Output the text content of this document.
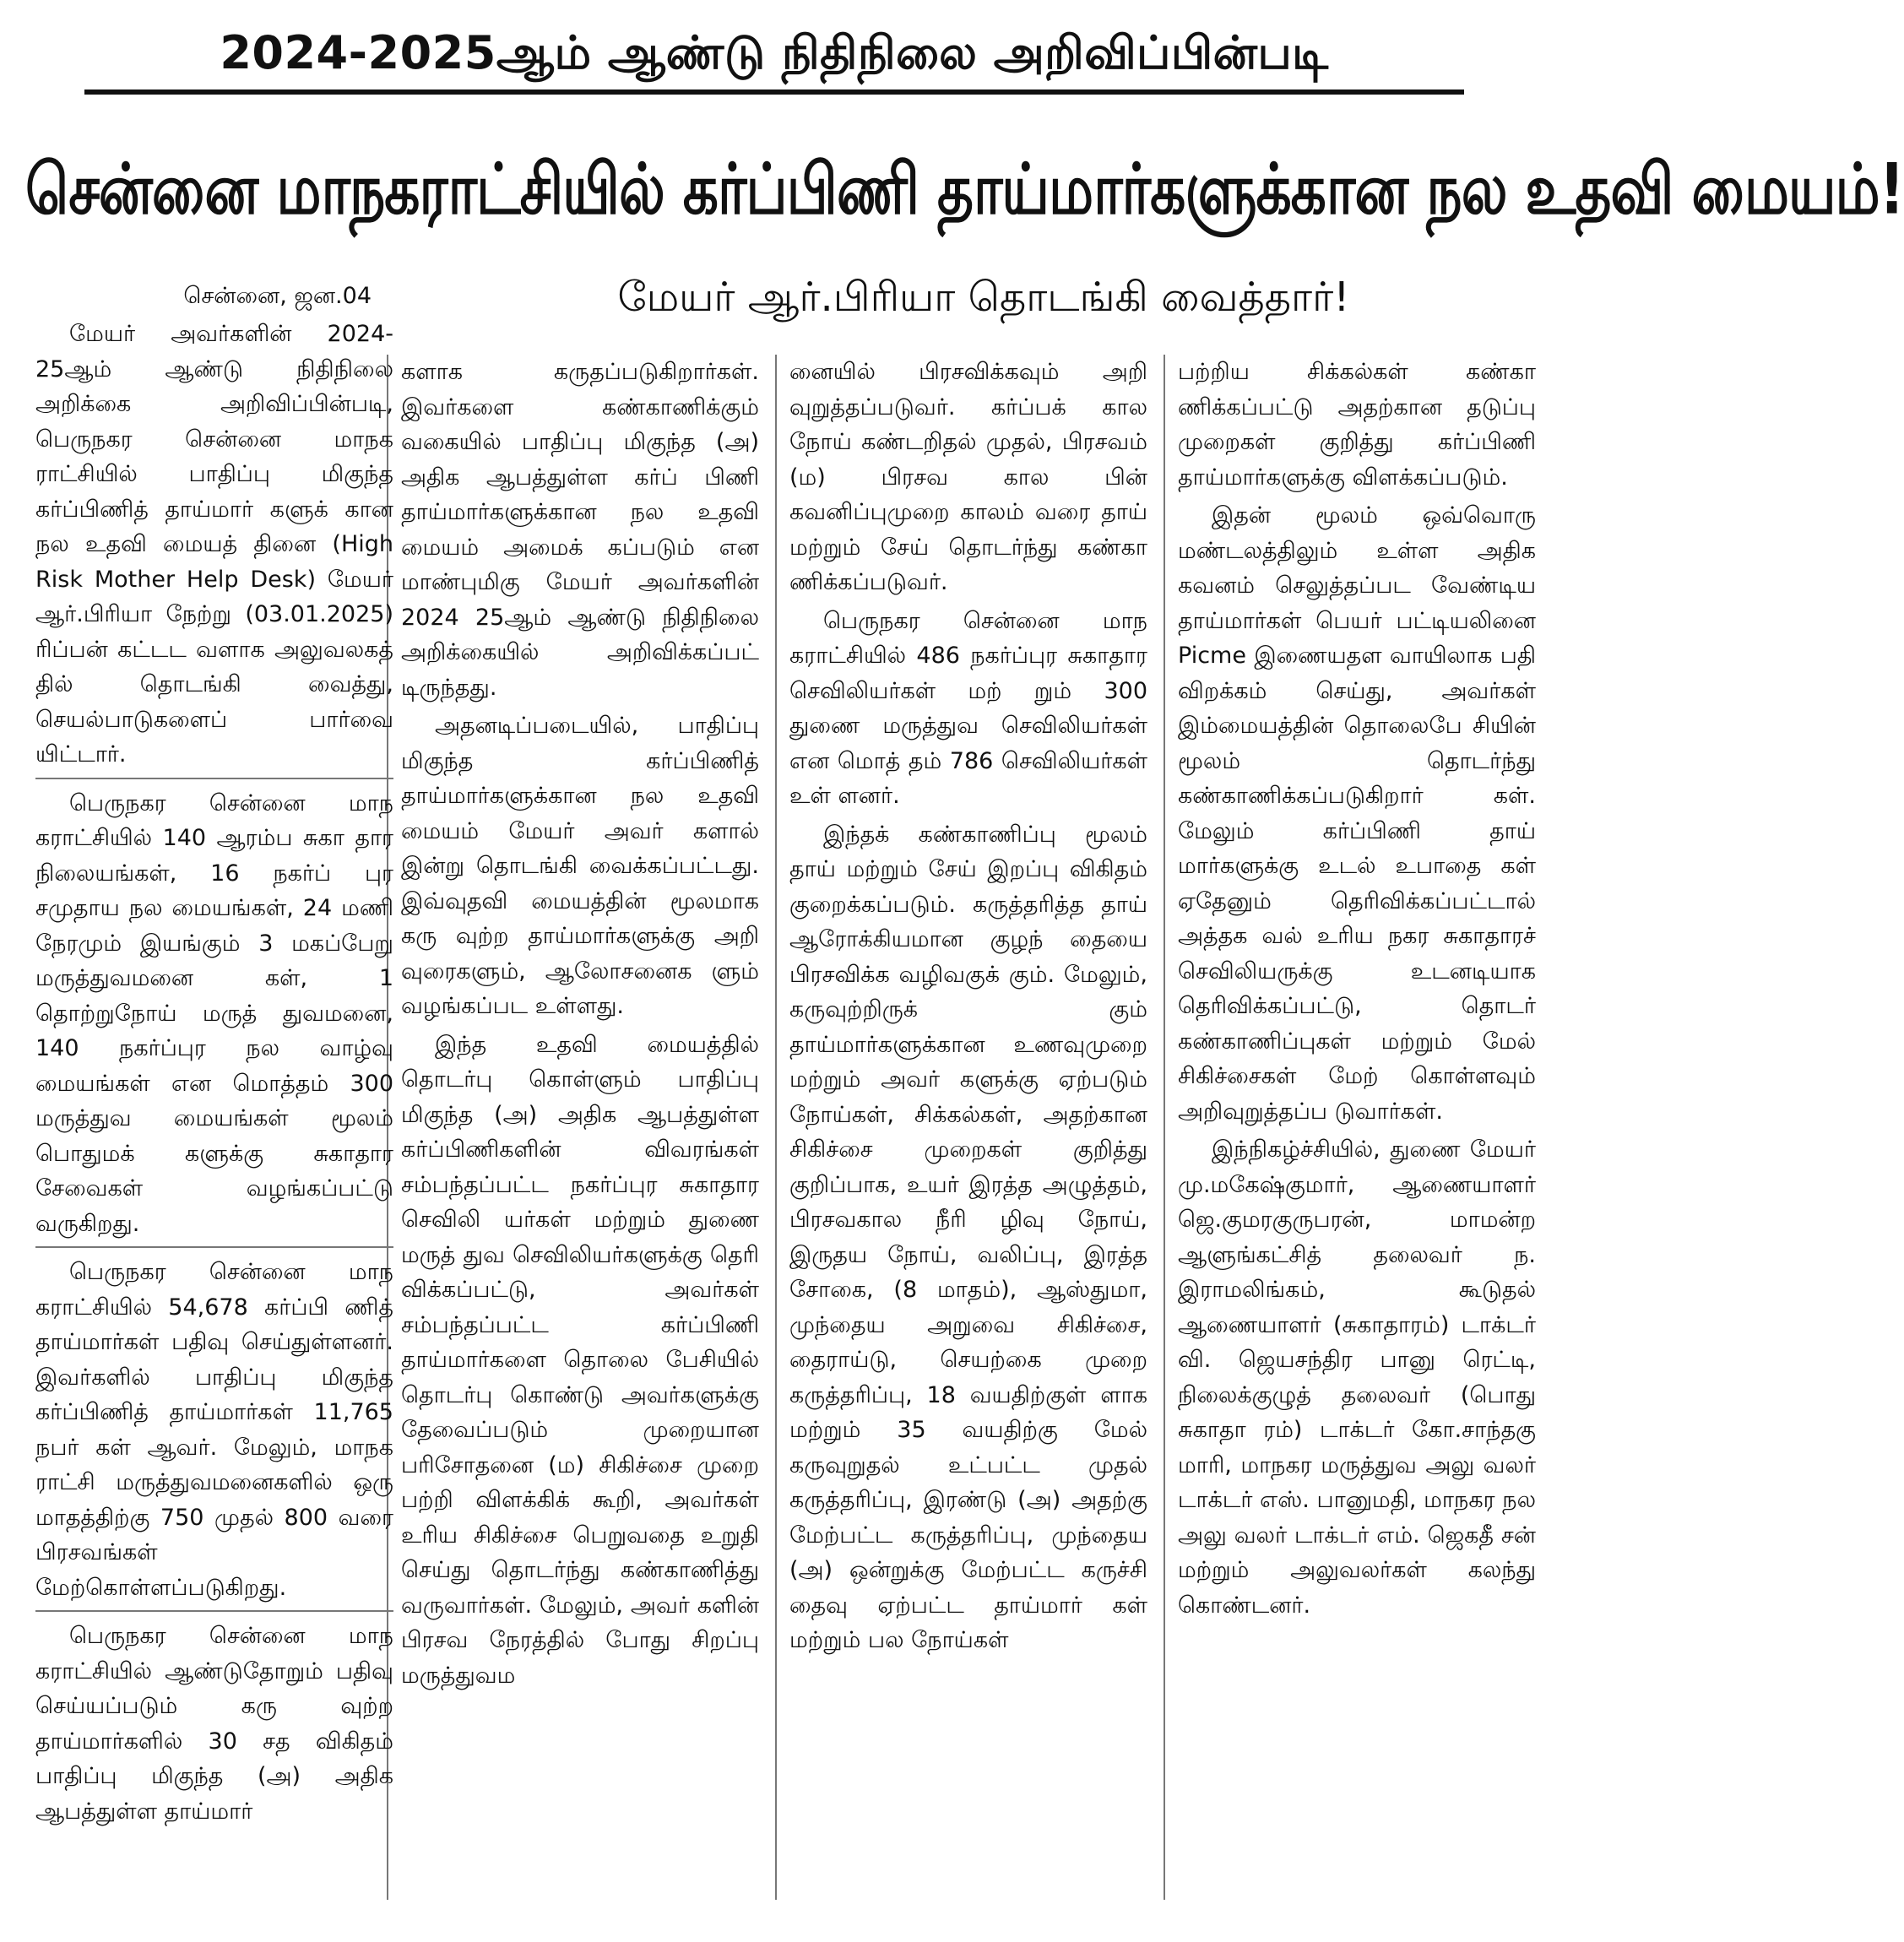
2024-2025ஆம் ஆண்டு நிதிநிலை அறிவிப்பின்படி
சென்னை மாநகராட்சியில் கர்ப்பிணி தாய்மார்களுக்கான நல உதவி மையம்!
மேயர் ஆர்.பிரியா தொடங்கி வைத்தார்!
சென்னை, ஜன.04

மேயர் அவர்களின் 2024-25ஆம் ஆண்டு நிதிநிலை அறிக்கை அறிவிப்பின்படி, பெருநகர சென்னை மாநக ராட்சியில் பாதிப்பு மிகுந்த கர்ப்பிணித் தாய்மார் களுக் கான நல உதவி மையத் தினை (High Risk Mother Help Desk) மேயர் ஆர்.பிரியா நேற்று (03.01.2025) ரிப்பன் கட்டட வளாக அலுவலகத் தில் தொடங்கி வைத்து, செயல்பாடுகளைப் பார்வை யிட்டார்.

பெருநகர சென்னை மாந கராட்சியில் 140 ஆரம்ப சுகா தார நிலையங்கள், 16 நகர்ப் புர சமுதாய நல மையங்கள், 24 மணி நேரமும் இயங்கும் 3 மகப்பேறு மருத்துவமனை கள், 1 தொற்றுநோய் மருத் துவமனை, 140 நகர்ப்புர நல வாழ்வு மையங்கள் என மொத்தம் 300 மருத்துவ மையங்கள் மூலம் பொதுமக் களுக்கு சுகாதார சேவைகள் வழங்கப்பட்டு வருகிறது.

பெருநகர சென்னை மாந கராட்சியில் 54,678 கர்ப்பி ணித் தாய்மார்கள் பதிவு செய்துள்ளனர். இவர்களில் பாதிப்பு மிகுந்த கர்ப்பிணித் தாய்மார்கள் 11,765 நபர் கள் ஆவர். மேலும், மாநக ராட்சி மருத்துவமனைகளில் ஒரு மாதத்திற்கு 750 முதல் 800 வரை பிரசவங்கள் மேற்கொள்ளப்படுகிறது.

பெருநகர சென்னை மாந கராட்சியில் ஆண்டுதோறும் பதிவு செய்யப்படும் கரு வுற்ற தாய்மார்களில் 30 சத விகிதம் பாதிப்பு மிகுந்த (அ) அதிக ஆபத்துள்ள தாய்மார்

களாக கருதப்படுகிறார்கள். இவர்களை கண்காணிக்கும் வகையில் பாதிப்பு மிகுந்த (அ) அதிக ஆபத்துள்ள கர்ப் பிணி தாய்மார்களுக்கான நல உதவி மையம் அமைக் கப்படும் என மாண்புமிகு மேயர் அவர்களின் 2024 25ஆம் ஆண்டு நிதிநிலை அறிக்கையில் அறிவிக்கப்பட் டிருந்தது.

அதனடிப்படையில், பாதிப்பு மிகுந்த கர்ப்பிணித் தாய்மார்களுக்கான நல உதவி மையம் மேயர் அவர் களால் இன்று தொடங்கி வைக்கப்பட்டது. இவ்வுதவி மையத்தின் மூலமாக கரு வுற்ற தாய்மார்களுக்கு அறி வுரைகளும், ஆலோசனைக ளும் வழங்கப்பட உள்ளது.

இந்த உதவி மையத்தில் தொடர்பு கொள்ளும் பாதிப்பு மிகுந்த (அ) அதிக ஆபத்துள்ள கர்ப்பிணிகளின் விவரங்கள் சம்பந்தப்பட்ட நகர்ப்புர சுகாதார செவிலி யர்கள் மற்றும் துணை மருத் துவ செவிலியர்களுக்கு தெரி விக்கப்பட்டு, அவர்கள் சம்பந்தப்பட்ட கர்ப்பிணி தாய்மார்களை தொலை பேசியில் தொடர்பு கொண்டு அவர்களுக்கு தேவைப்படும் முறையான பரிசோதனை (ம) சிகிச்சை முறை பற்றி விளக்கிக் கூறி, அவர்கள் உரிய சிகிச்சை பெறுவதை உறுதி செய்து தொடர்ந்து கண்காணித்து வருவார்கள். மேலும், அவர் களின் பிரசவ நேரத்தில் போது சிறப்பு மருத்துவம

னையில் பிரசவிக்கவும் அறி வுறுத்தப்படுவர். கர்ப்பக் கால நோய் கண்டறிதல் முதல், பிரசவம் (ம) பிரசவ கால பின் கவனிப்புமுறை காலம் வரை தாய் மற்றும் சேய் தொடர்ந்து கண்கா ணிக்கப்படுவர்.

பெருநகர சென்னை மாந கராட்சியில் 486 நகர்ப்புர சுகாதார செவிலியர்கள் மற் றும் 300 துணை மருத்துவ செவிலியர்கள் என மொத் தம் 786 செவிலியர்கள் உள் ளனர்.

இந்தக் கண்காணிப்பு மூலம் தாய் மற்றும் சேய் இறப்பு விகிதம் குறைக்கப்படும். கருத்தரித்த தாய் ஆரோக்கியமான குழந் தையை பிரசவிக்க வழிவகுக் கும். மேலும், கருவுற்றிருக் கும் தாய்மார்களுக்கான உணவுமுறை மற்றும் அவர் களுக்கு ஏற்படும் நோய்கள், சிக்கல்கள், அதற்கான சிகிச்சை முறைகள் குறித்து குறிப்பாக, உயர் இரத்த அழுத்தம், பிரசவகால நீரி ழிவு நோய், இருதய நோய், வலிப்பு, இரத்த சோகை, (8 மாதம்), ஆஸ்துமா, முந்தைய அறுவை சிகிச்சை, தைராய்டு, செயற்கை முறை கருத்தரிப்பு, 18 வயதிற்குள் ளாக மற்றும் 35 வயதிற்கு மேல் கருவுறுதல் உட்பட்ட முதல் கருத்தரிப்பு, இரண்டு (அ) அதற்கு மேற்பட்ட கருத்தரிப்பு, முந்தைய (அ) ஒன்றுக்கு மேற்பட்ட கருச்சி தைவு ஏற்பட்ட தாய்மார் கள் மற்றும் பல நோய்கள்

பற்றிய சிக்கல்கள் கண்கா ணிக்கப்பட்டு அதற்கான தடுப்பு முறைகள் குறித்து கர்ப்பிணி தாய்மார்களுக்கு விளக்கப்படும்.

இதன் மூலம் ஒவ்வொரு மண்டலத்திலும் உள்ள அதிக கவனம் செலுத்தப்பட வேண்டிய தாய்மார்கள் பெயர் பட்டியலினை Picme இணையதள வாயிலாக பதி விறக்கம் செய்து, அவர்கள் இம்மையத்தின் தொலைபே சியின் மூலம் தொடர்ந்து கண்காணிக்கப்படுகிறார் கள். மேலும் கர்ப்பிணி தாய் மார்களுக்கு உடல் உபாதை கள் ஏதேனும் தெரிவிக்கப்பட்டால் அத்தக வல் உரிய நகர சுகாதாரச் செவிலியருக்கு உடனடியாக தெரிவிக்கப்பட்டு, தொடர் கண்காணிப்புகள் மற்றும் மேல் சிகிச்சைகள் மேற் கொள்ளவும் அறிவுறுத்தப்ப டுவார்கள்.

இந்நிகழ்ச்சியில், துணை மேயர் மு.மகேஷ்குமார், ஆணையாளர் ஜெ.குமரகுருபரன், மாமன்ற ஆளுங்கட்சித் தலைவர் ந. இராமலிங்கம், கூடுதல் ஆணையாளர் (சுகாதாரம்) டாக்டர் வி. ஜெயசந்திர பானு ரெட்டி, நிலைக்குழுத் தலைவர் (பொது சுகாதா ரம்) டாக்டர் கோ.சாந்தகு மாரி, மாநகர மருத்துவ அலு வலர் டாக்டர் எஸ். பானுமதி, மாநகர நல அலு வலர் டாக்டர் எம். ஜெகதீ சன் மற்றும் அலுவலர்கள் கலந்து கொண்டனர்.
